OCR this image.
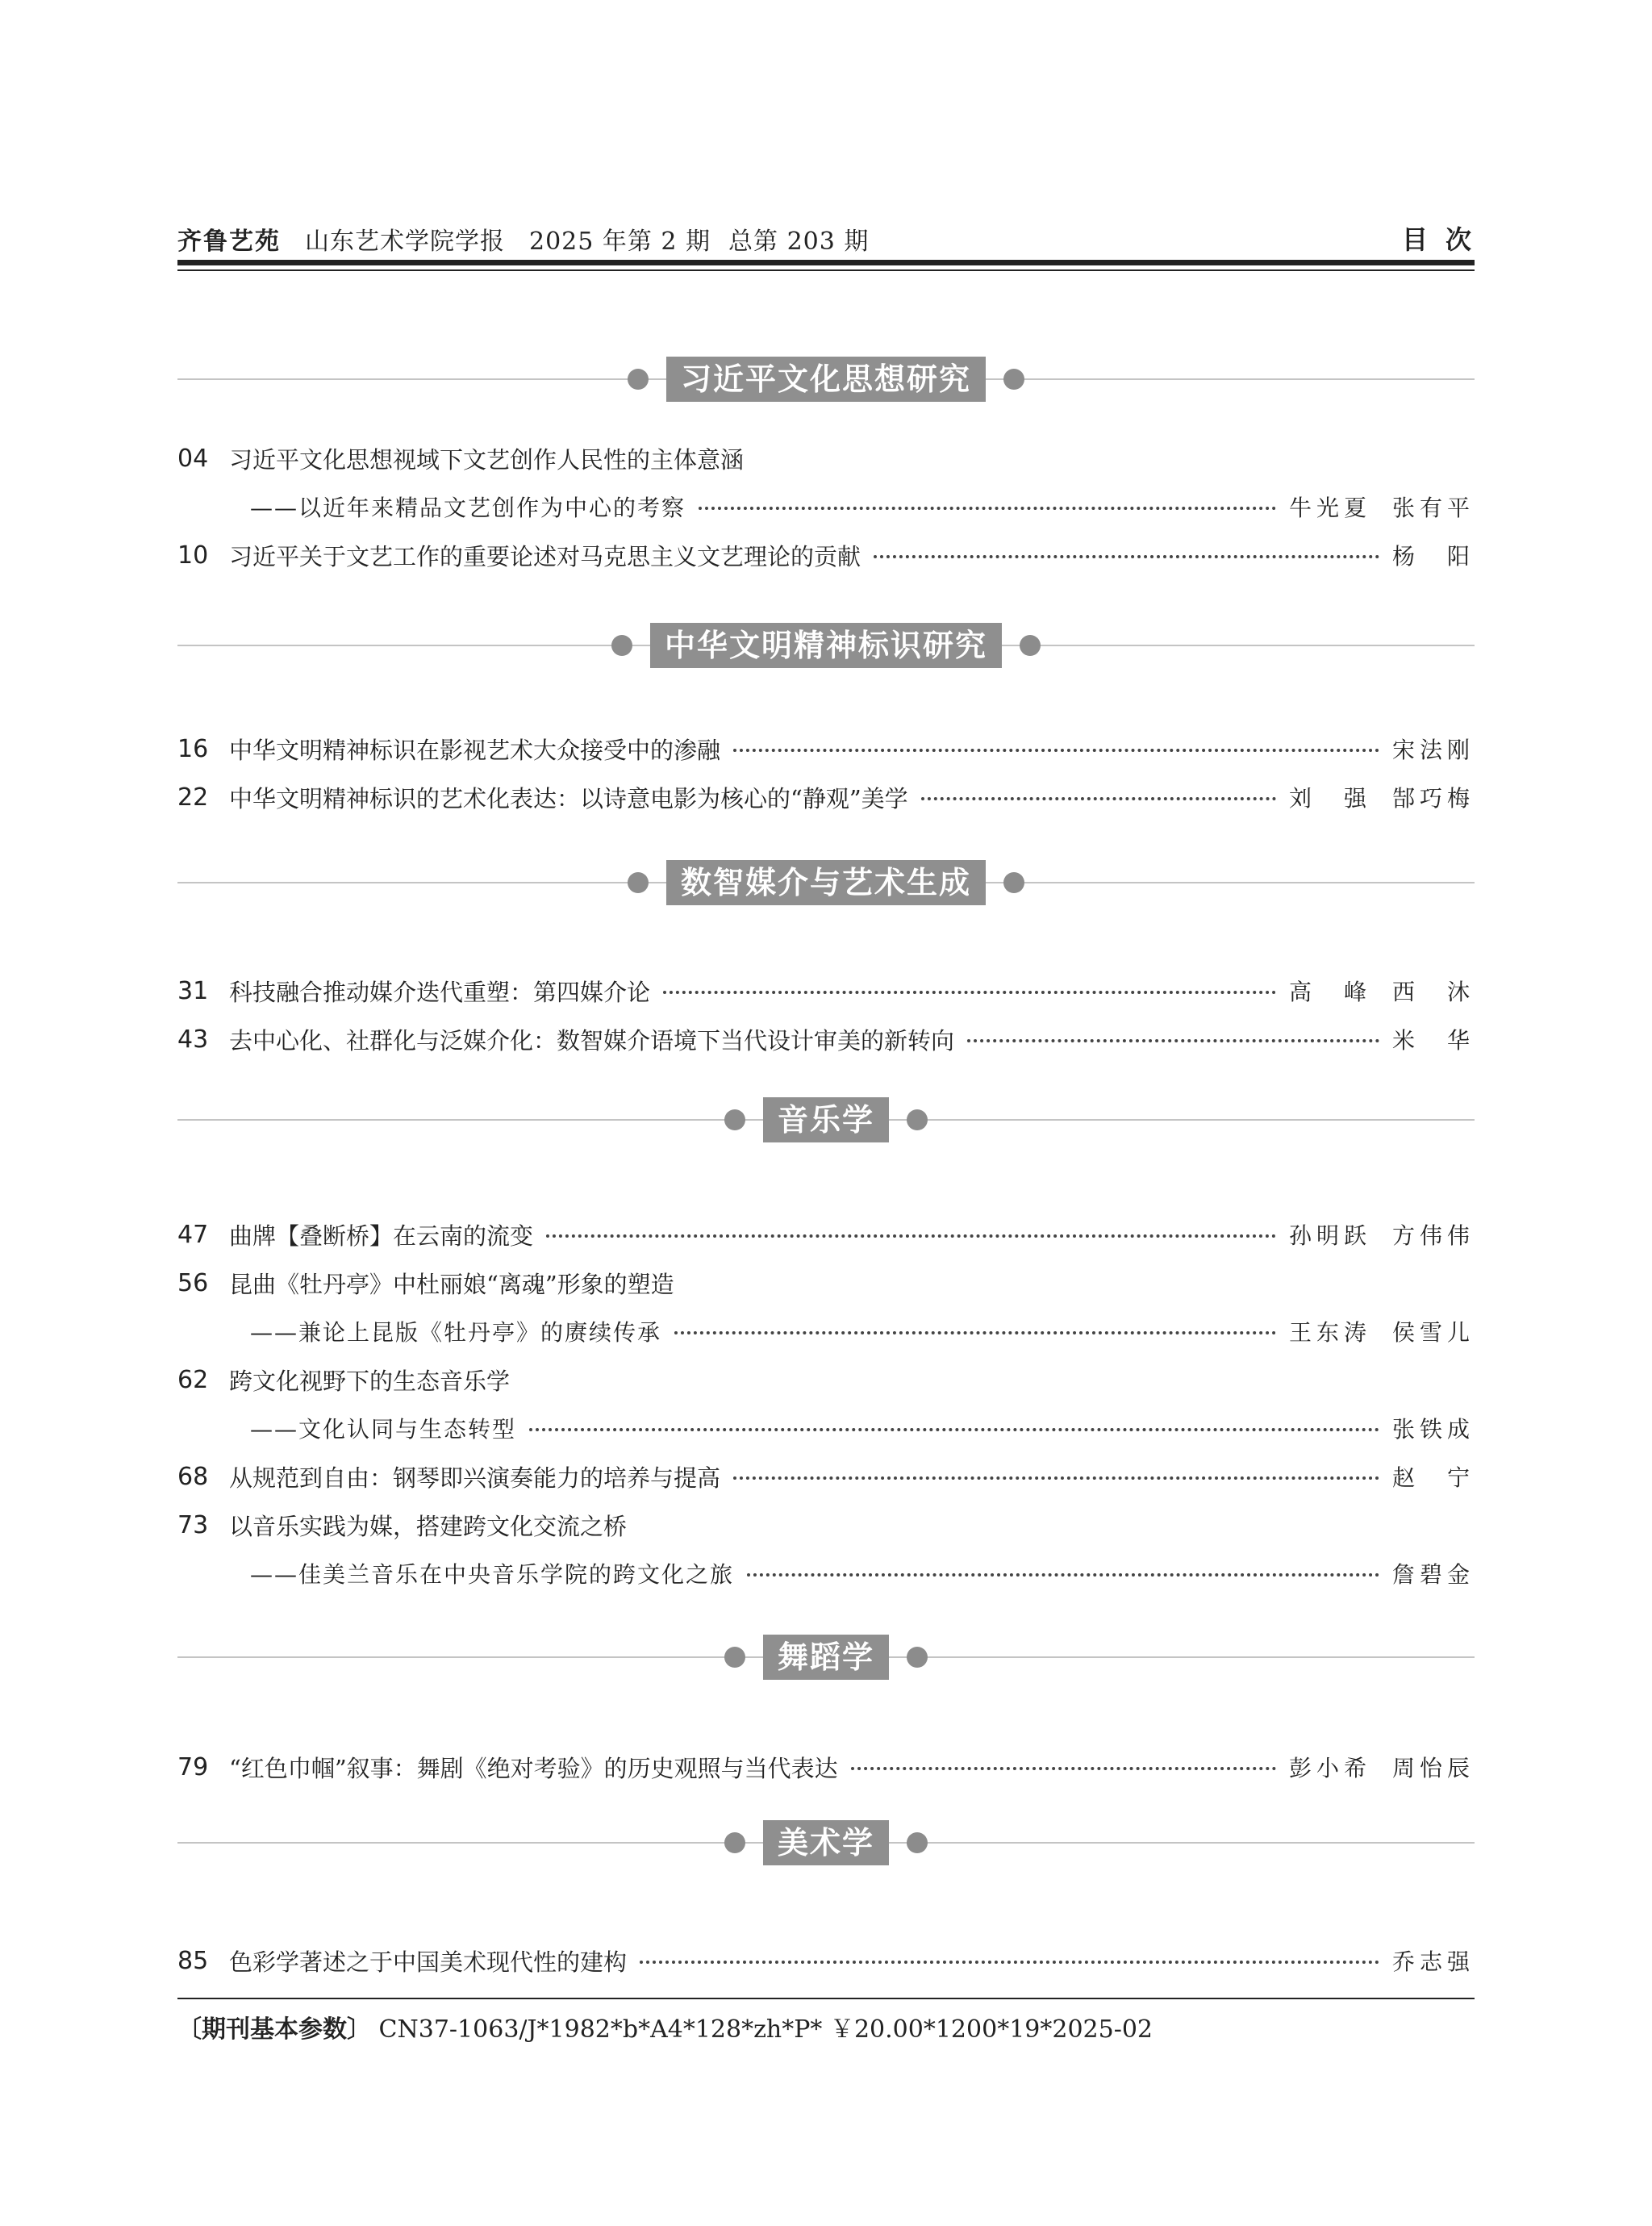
齐鲁艺苑 山东艺术学院学报 2025 年第 2 期 总第 203 期	目次
习近平文化思想研究
04 习近平文化思想视域下文艺创作人民性的主体意涵
——以近年来精品文艺创作为中心的考察	牛光夏 张有平
10 习近平关于文艺工作的重要论述对马克思主义文艺理论的贡献	杨　阳
中华文明精神标识研究
16 中华文明精神标识在影视艺术大众接受中的渗融	宋法刚
22 中华文明精神标识的艺术化表达：以诗意电影为核心的“静观”美学	刘　强 郜巧梅
数智媒介与艺术生成
31 科技融合推动媒介迭代重塑：第四媒介论	高　峰 西　沐
43 去中心化、社群化与泛媒介化：数智媒介语境下当代设计审美的新转向	米　华
音乐学
47 曲牌【叠断桥】在云南的流变	孙明跃 方伟伟
56 昆曲《牡丹亭》中杜丽娘“离魂”形象的塑造
——兼论上昆版《牡丹亭》的赓续传承	王东涛 侯雪儿
62 跨文化视野下的生态音乐学
——文化认同与生态转型	张铁成
68 从规范到自由：钢琴即兴演奏能力的培养与提高	赵　宁
73 以音乐实践为媒，搭建跨文化交流之桥
——佳美兰音乐在中央音乐学院的跨文化之旅	詹碧金
舞蹈学
79 “红色巾帼”叙事：舞剧《绝对考验》的历史观照与当代表达	彭小希 周怡辰
美术学
85 色彩学著述之于中国美术现代性的建构	乔志强
〔期刊基本参数〕 CN37-1063/J*1982*b*A4*128*zh*P* ￥20.00*1200*19*2025-02
